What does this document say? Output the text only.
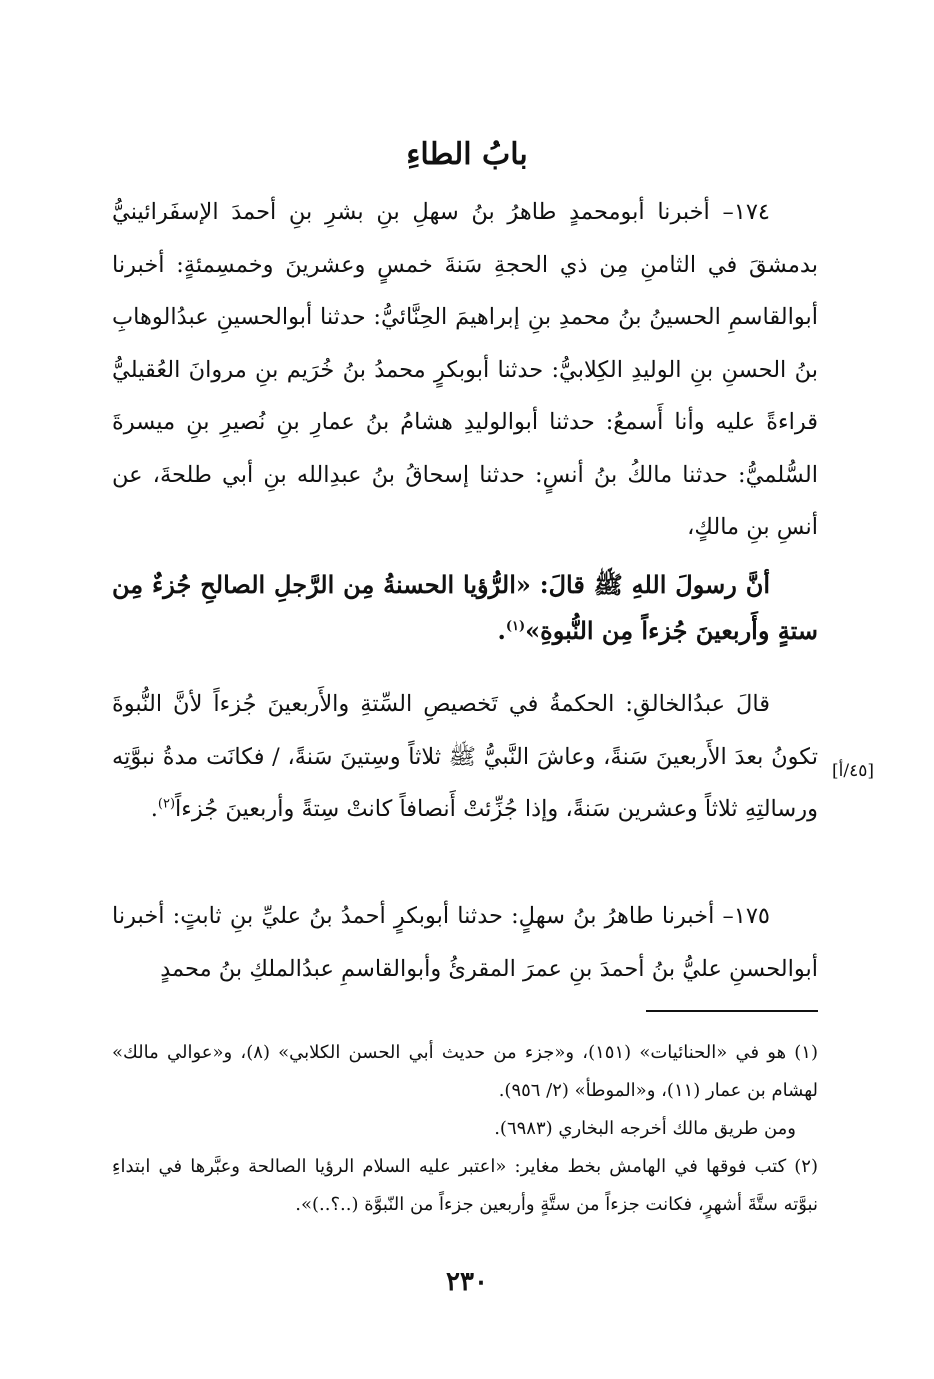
بابُ الطاءِ

١٧٤– أخبرنا أبومحمدٍ طاهرُ بنُ سهلِ بنِ بشرِ بنِ أحمدَ الإسفَرائينيُّ بدمشقَ في الثامنِ مِن ذي الحجةِ سَنةَ خمسٍ وعشرينَ وخمسِمئةٍ: أخبرنا أبوالقاسمِ الحسينُ بنُ محمدِ بنِ إبراهيمَ الحِنَّائيُّ: حدثنا أبوالحسينِ عبدُالوهابِ بنُ الحسنِ بنِ الوليدِ الكِلابيُّ: حدثنا أبوبكرٍ محمدُ بنُ خُرَيم بنِ مروانَ العُقيليُّ قراءةً عليه وأنا أَسمعُ: حدثنا أبوالوليدِ هشامُ بنُ عمارِ بنِ نُصيرِ بنِ ميسرةَ السُّلميُّ: حدثنا مالكُ بنُ أنسٍ: حدثنا إسحاقُ بنُ عبدِالله بنِ أبي طلحةَ، عن أنسِ بنِ مالكٍ،

أنَّ رسولَ اللهِ ﷺ قالَ: «الرُّؤيا الحسنةُ مِن الرَّجلِ الصالحِ جُزءٌ مِن ستةٍ وأَربعينَ جُزءاً مِن النُّبوةِ»$^{(١)}$.

قالَ عبدُالخالقِ: الحكمةُ في تَخصيصِ السِّتةِ والأَربعينَ جُزءاً لأنَّ النُّبوةَ تكونُ بعدَ الأَربعينَ سَنةً، وعاشَ النَّبيُّ ﷺ ثلاثاً وسِتينَ سَنةً، / فكانَت مدةُ نبوَّتِه ورسالتِهِ ثلاثاً وعشرين سَنةً، وإذا جُزِّئتْ أَنصافاً كانتْ سِتةً وأربعينَ جُزءاً$^{(٢)}$.

[٤٥/أ]

١٧٥– أخبرنا طاهرُ بنُ سهلٍ: حدثنا أبوبكرٍ أحمدُ بنُ عليِّ بنِ ثابتٍ: أخبرنا أبوالحسنِ عليُّ بنُ أحمدَ بنِ عمرَ المقرئُ وأبوالقاسمِ عبدُالملكِ بنُ محمدٍ

(١) هو في «الحنائيات» (١٥١)، و«جزء من حديث أبي الحسن الكلابي» (٨)، و«عوالي مالك» لهشام بن عمار (١١)، و«الموطأ» (٢/ ٩٥٦).

ومن طريق مالك أخرجه البخاري (٦٩٨٣).

(٢) كتب فوقها في الهامش بخط مغاير: «اعتبر عليه السلام الرؤيا الصالحة وعبَّرها في ابتداءِ نبوَّته ستَّةَ أشهرٍ، فكانت جزءاً من ستَّةٍ وأربعين جزءاً من النّبوَّة (..؟..)».

٢٣٠
